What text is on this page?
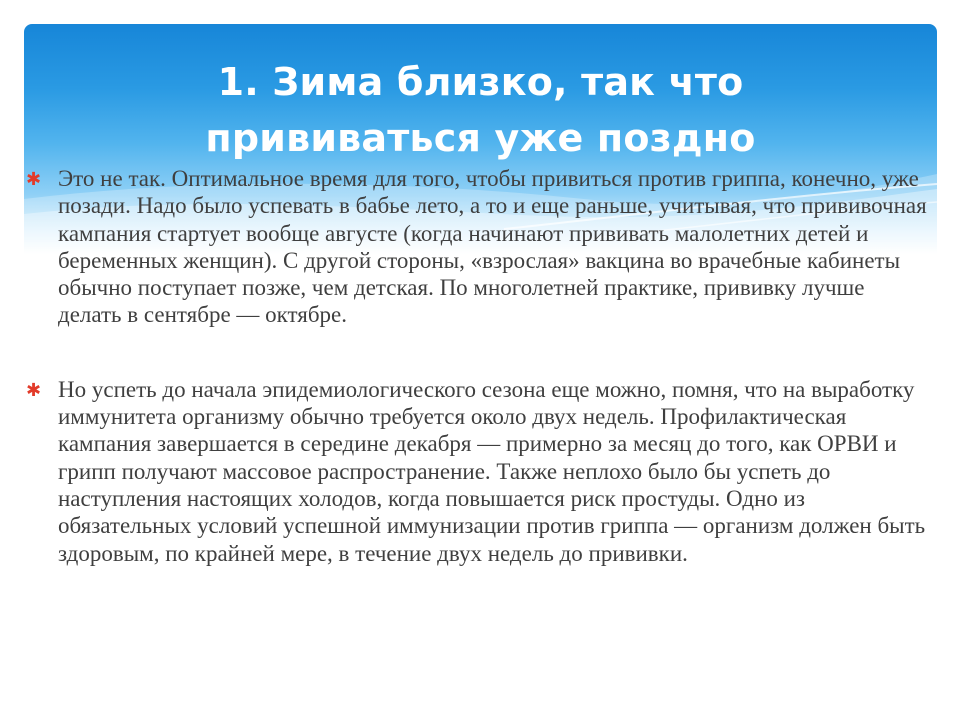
1. Зима близко, так что прививаться уже поздно

✱ Это не так. Оптимальное время для того, чтобы привиться против гриппа, конечно, уже позади. Надо было успевать в бабье лето, а то и еще раньше, учитывая, что прививочная кампания стартует вообще августе (когда начинают прививать малолетних детей и беременных женщин). С другой стороны, «взрослая» вакцина во врачебные кабинеты обычно поступает позже, чем детская. По многолетней практике, прививку лучше делать в сентябре — октябре.

✱ Но успеть до начала эпидемиологического сезона еще можно, помня, что на выработку иммунитета организму обычно требуется около двух недель. Профилактическая кампания завершается в середине декабря — примерно за месяц до того, как ОРВИ и грипп получают массовое распространение. Также неплохо было бы успеть до наступления настоящих холодов, когда повышается риск простуды. Одно из обязательных условий успешной иммунизации против гриппа — организм должен быть здоровым, по крайней мере, в течение двух недель до прививки.
